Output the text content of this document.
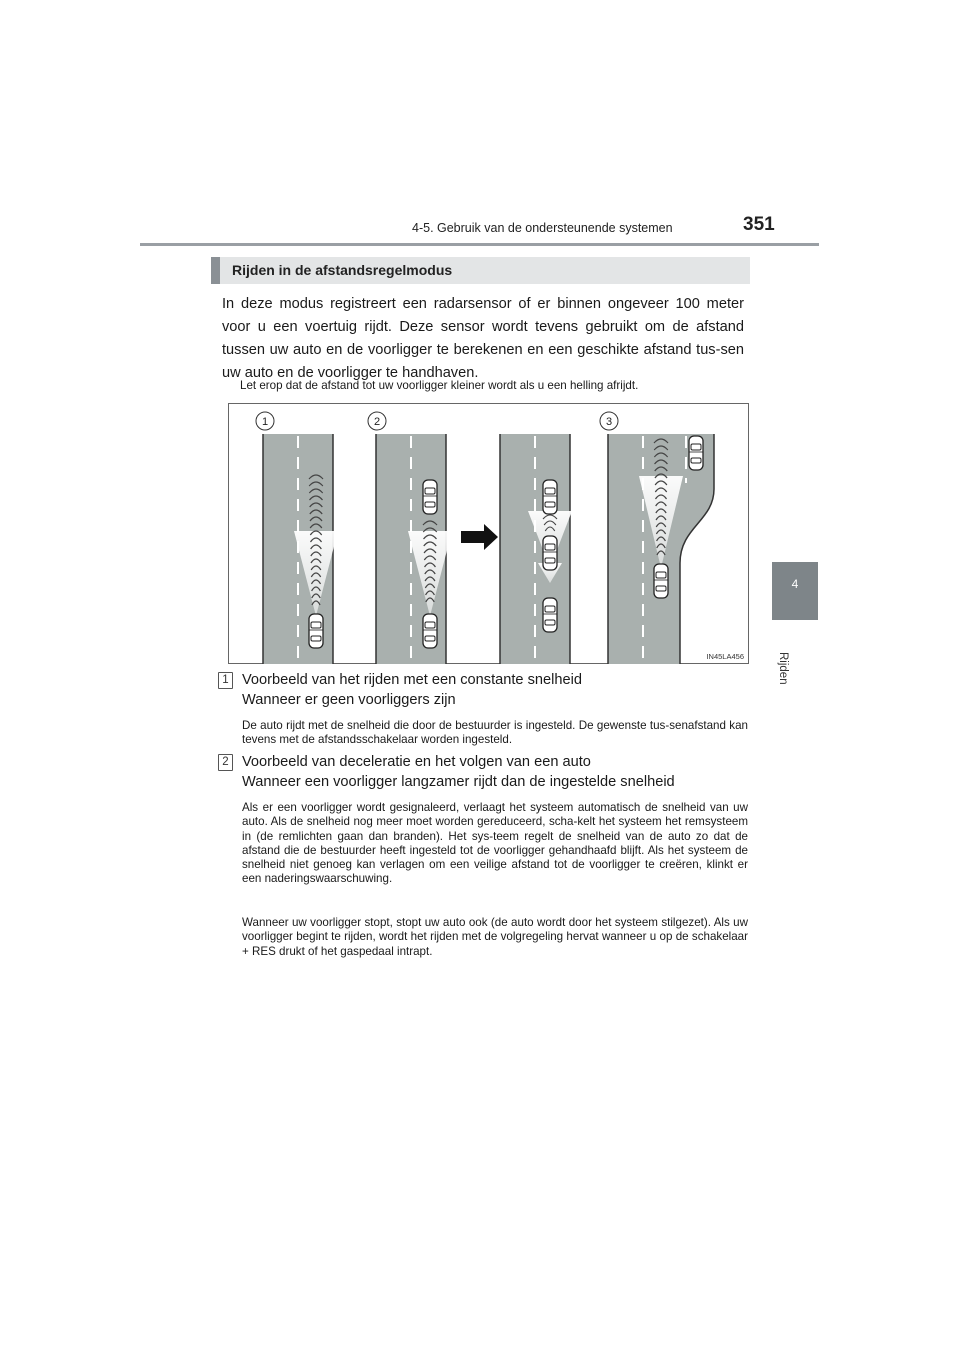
4-5. Gebruik van de ondersteunende systemen	351
4
Rijden
Rijden in de afstandsregelmodus
In deze modus registreert een radarsensor of er binnen ongeveer 100 meter voor u een voertuig rijdt. Deze sensor wordt tevens gebruikt om de afstand tussen uw auto en de voorligger te berekenen en een geschikte afstand tus-sen uw auto en de voorligger te handhaven.
Let erop dat de afstand tot uw voorligger kleiner wordt als u een helling afrijdt.
1	2	3
IN45LA456
1 Voorbeeld van het rijden met een constante snelheid
Wanneer er geen voorliggers zijn
De auto rijdt met de snelheid die door de bestuurder is ingesteld. De gewenste tus-senafstand kan tevens met de afstandsschakelaar worden ingesteld.
2 Voorbeeld van deceleratie en het volgen van een auto
Wanneer een voorligger langzamer rijdt dan de ingestelde snelheid
Als er een voorligger wordt gesignaleerd, verlaagt het systeem automatisch de snelheid van uw auto. Als de snelheid nog meer moet worden gereduceerd, scha-kelt het systeem het remsysteem in (de remlichten gaan dan branden). Het sys-teem regelt de snelheid van de auto zo dat de afstand die de bestuurder heeft ingesteld tot de voorligger gehandhaafd blijft. Als het systeem de snelheid niet genoeg kan verlagen om een veilige afstand tot de voorligger te creëren, klinkt er een naderingswaarschuwing.
Wanneer uw voorligger stopt, stopt uw auto ook (de auto wordt door het systeem stilgezet). Als uw voorligger begint te rijden, wordt het rijden met de volgregeling hervat wanneer u op de schakelaar + RES drukt of het gaspedaal intrapt.
